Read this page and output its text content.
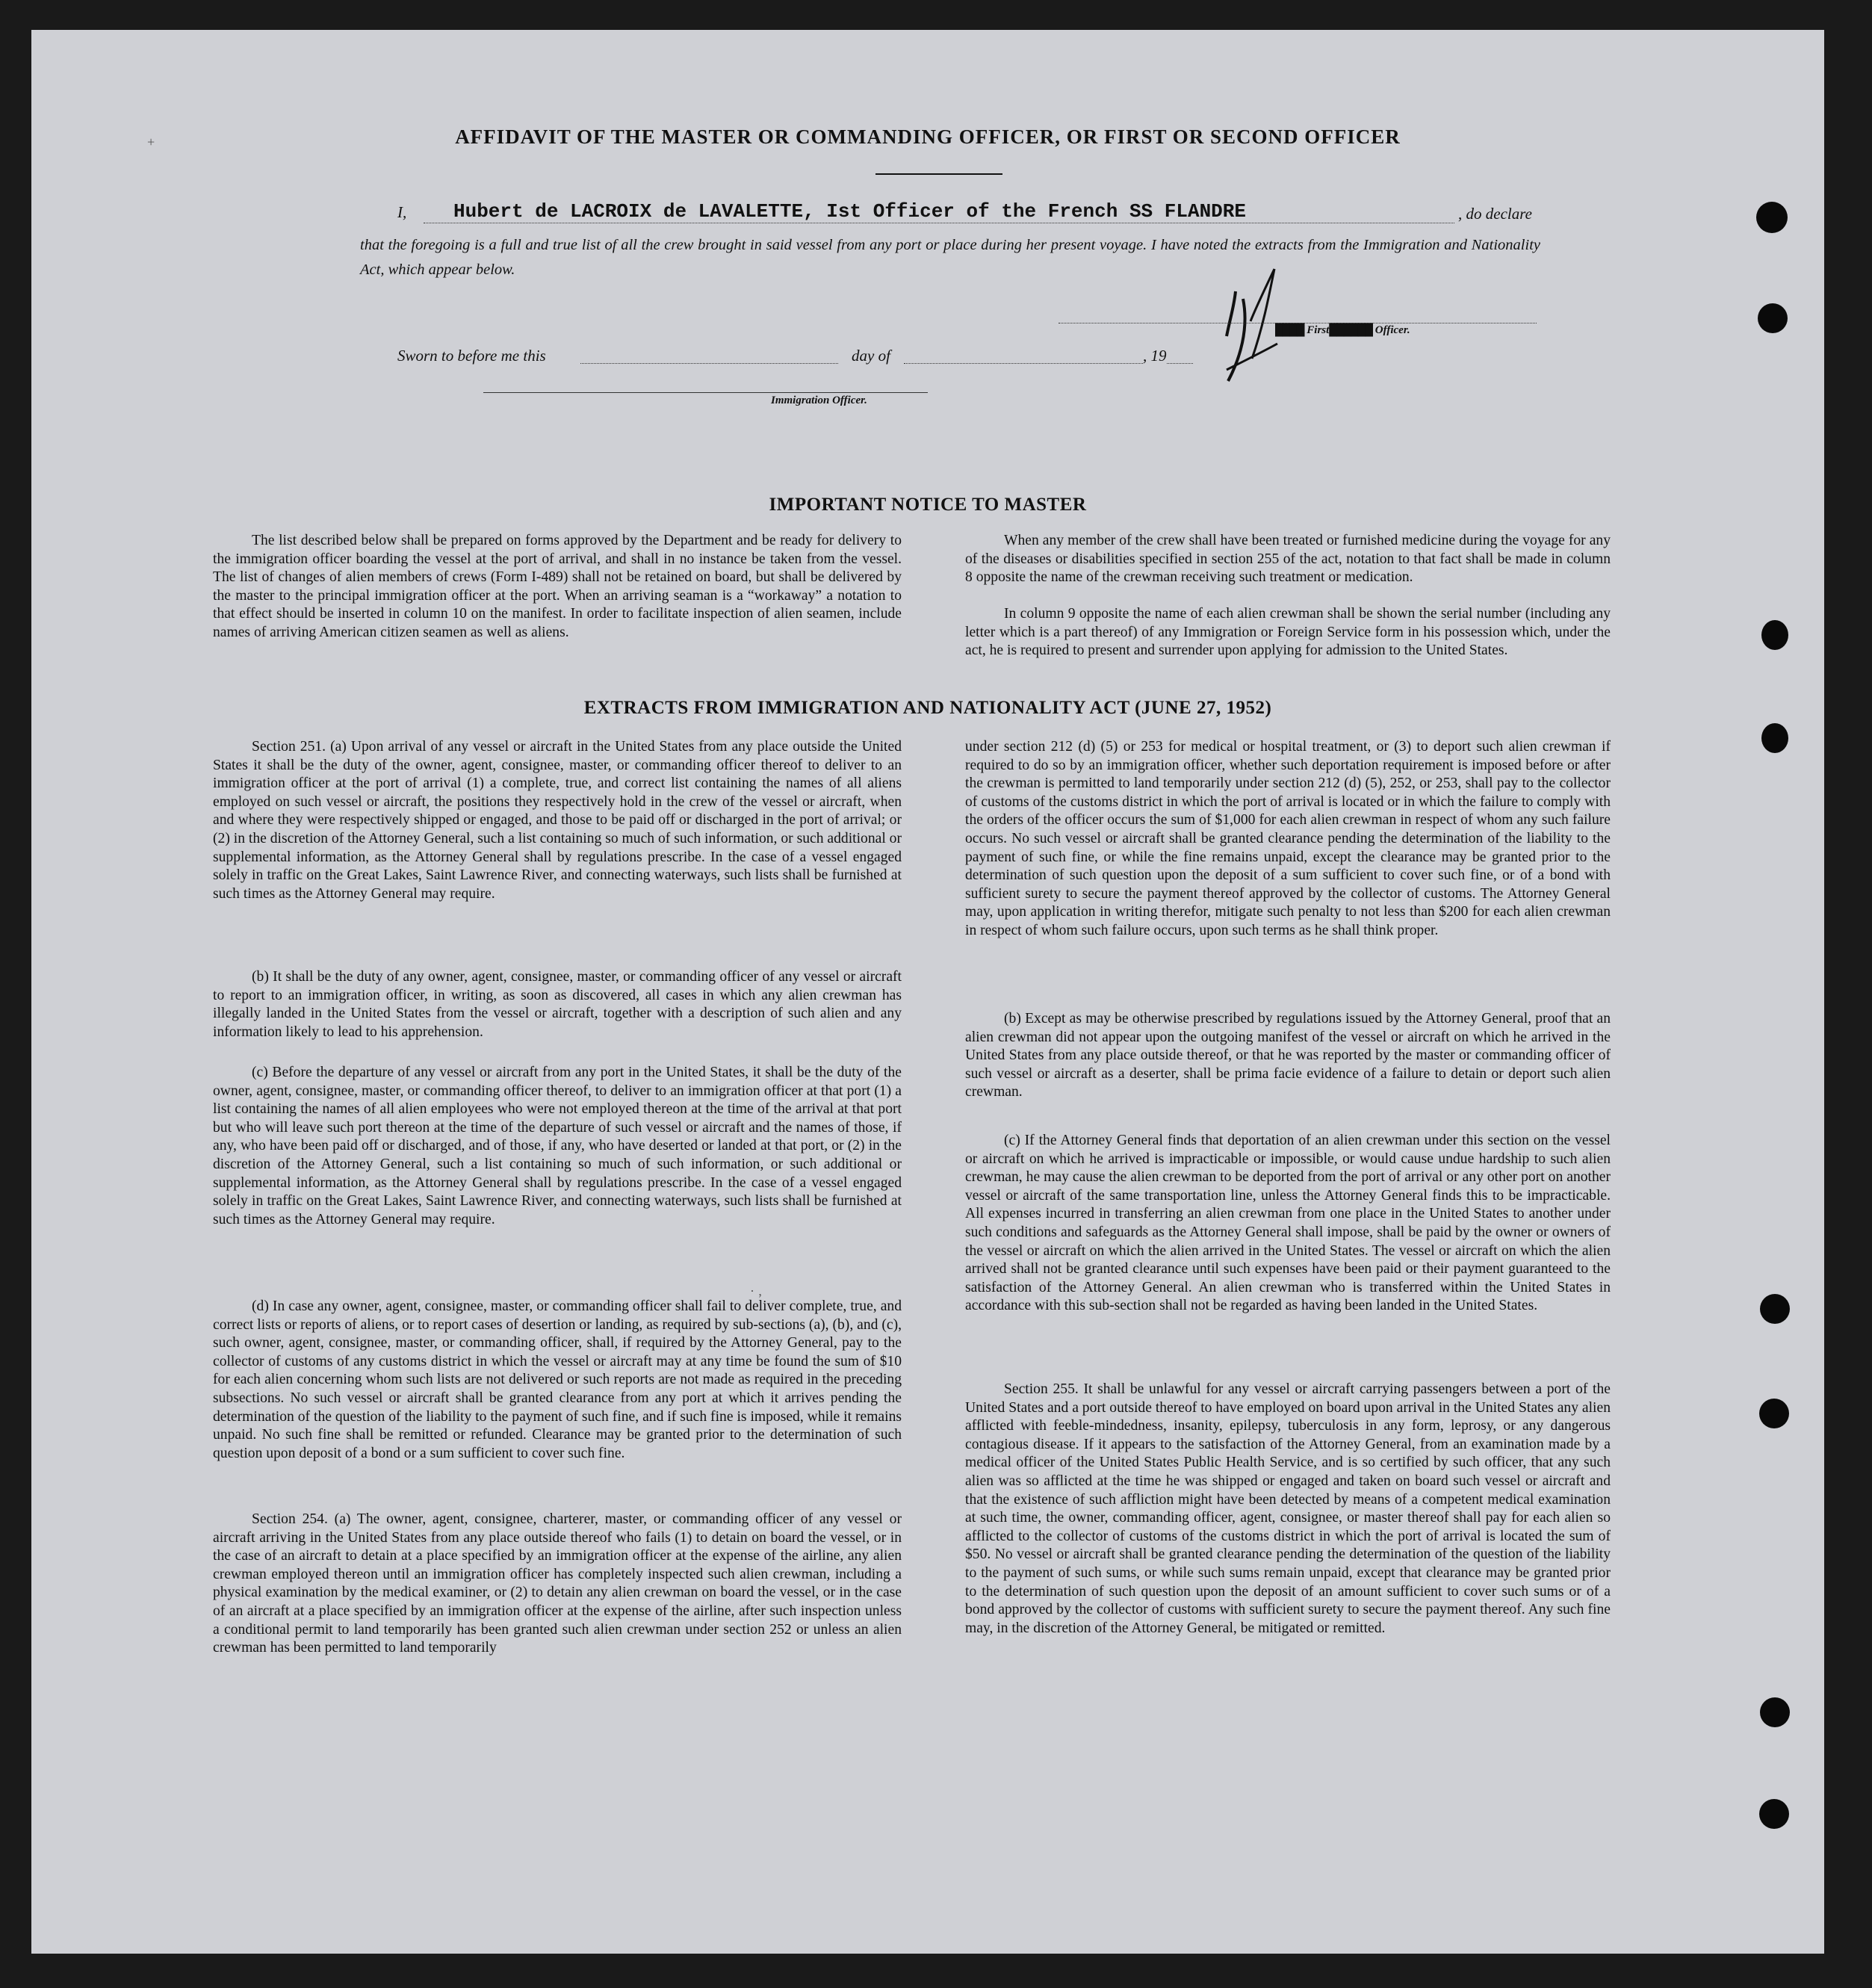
AFFIDAVIT OF THE MASTER OR COMMANDING OFFICER, OR FIRST OR SECOND OFFICER
I, Hubert de LACROIX de LAVALETTE, Ist Officer of the French SS FLANDRE	, do declare
that the foregoing is a full and true list of all the crew brought in said vessel from any port or place during her present voyage. I have noted the extracts from the Immigration and Nationality Act, which appear below.
████ First██████ Officer.
Sworn to before me this	day of	, 19
Immigration Officer.
IMPORTANT NOTICE TO MASTER
The list described below shall be prepared on forms approved by the Department and be ready for delivery to the immigration officer boarding the vessel at the port of arrival, and shall in no instance be taken from the vessel. The list of changes of alien members of crews (Form I-489) shall not be retained on board, but shall be delivered by the master to the principal immigration officer at the port. When an arriving seaman is a “workaway” a notation to that effect should be inserted in column 10 on the manifest. In order to facilitate inspection of alien seamen, include names of arriving American citizen seamen as well as aliens.
When any member of the crew shall have been treated or furnished medicine during the voyage for any of the diseases or disabilities specified in section 255 of the act, notation to that fact shall be made in column 8 opposite the name of the crewman receiving such treatment or medication.
In column 9 opposite the name of each alien crewman shall be shown the serial number (including any letter which is a part thereof) of any Immigration or Foreign Service form in his possession which, under the act, he is required to present and surrender upon applying for admission to the United States.
EXTRACTS FROM IMMIGRATION AND NATIONALITY ACT (JUNE 27, 1952)
Section 251. (a) Upon arrival of any vessel or aircraft in the United States from any place outside the United States it shall be the duty of the owner, agent, consignee, master, or commanding officer thereof to deliver to an immigration officer at the port of arrival (1) a complete, true, and correct list containing the names of all aliens employed on such vessel or aircraft, the positions they respectively hold in the crew of the vessel or aircraft, when and where they were respectively shipped or engaged, and those to be paid off or discharged in the port of arrival; or (2) in the discretion of the Attorney General, such a list containing so much of such information, or such additional or supplemental information, as the Attorney General shall by regulations prescribe. In the case of a vessel engaged solely in traffic on the Great Lakes, Saint Lawrence River, and connecting waterways, such lists shall be furnished at such times as the Attorney General may require.
(b) It shall be the duty of any owner, agent, consignee, master, or commanding officer of any vessel or aircraft to report to an immigration officer, in writing, as soon as discovered, all cases in which any alien crewman has illegally landed in the United States from the vessel or aircraft, together with a description of such alien and any information likely to lead to his apprehension.
(c) Before the departure of any vessel or aircraft from any port in the United States, it shall be the duty of the owner, agent, consignee, master, or commanding officer thereof, to deliver to an immigration officer at that port (1) a list containing the names of all alien employees who were not employed thereon at the time of the arrival at that port but who will leave such port thereon at the time of the departure of such vessel or aircraft and the names of those, if any, who have been paid off or discharged, and of those, if any, who have deserted or landed at that port, or (2) in the discretion of the Attorney General, such a list containing so much of such information, or such additional or supplemental information, as the Attorney General shall by regulations prescribe. In the case of a vessel engaged solely in traffic on the Great Lakes, Saint Lawrence River, and connecting waterways, such lists shall be furnished at such times as the Attorney General may require.
(d) In case any owner, agent, consignee, master, or commanding officer shall fail to deliver complete, true, and correct lists or reports of aliens, or to report cases of desertion or landing, as required by sub-sections (a), (b), and (c), such owner, agent, consignee, master, or commanding officer, shall, if required by the Attorney General, pay to the collector of customs of any customs district in which the vessel or aircraft may at any time be found the sum of $10 for each alien concerning whom such lists are not delivered or such reports are not made as required in the preceding subsections. No such vessel or aircraft shall be granted clearance from any port at which it arrives pending the determination of the question of the liability to the payment of such fine, and if such fine is imposed, while it remains unpaid. No such fine shall be remitted or refunded. Clearance may be granted prior to the determination of such question upon deposit of a bond or a sum sufficient to cover such fine.
Section 254. (a) The owner, agent, consignee, charterer, master, or commanding officer of any vessel or aircraft arriving in the United States from any place outside thereof who fails (1) to detain on board the vessel, or in the case of an aircraft to detain at a place specified by an immigration officer at the expense of the airline, any alien crewman employed thereon until an immigration officer has completely inspected such alien crewman, including a physical examination by the medical examiner, or (2) to detain any alien crewman on board the vessel, or in the case of an aircraft at a place specified by an immigration officer at the expense of the airline, after such inspection unless a conditional permit to land temporarily has been granted such alien crewman under section 252 or unless an alien crewman has been permitted to land temporarily
under section 212 (d) (5) or 253 for medical or hospital treatment, or (3) to deport such alien crewman if required to do so by an immigration officer, whether such deportation requirement is imposed before or after the crewman is permitted to land temporarily under section 212 (d) (5), 252, or 253, shall pay to the collector of customs of the customs district in which the port of arrival is located or in which the failure to comply with the orders of the officer occurs the sum of $1,000 for each alien crewman in respect of whom any such failure occurs. No such vessel or aircraft shall be granted clearance pending the determination of the liability to the payment of such fine, or while the fine remains unpaid, except the clearance may be granted prior to the determination of such question upon the deposit of a sum sufficient to cover such fine, or of a bond with sufficient surety to secure the payment thereof approved by the collector of customs. The Attorney General may, upon application in writing therefor, mitigate such penalty to not less than $200 for each alien crewman in respect of whom such failure occurs, upon such terms as he shall think proper.
(b) Except as may be otherwise prescribed by regulations issued by the Attorney General, proof that an alien crewman did not appear upon the outgoing manifest of the vessel or aircraft on which he arrived in the United States from any place outside thereof, or that he was reported by the master or commanding officer of such vessel or aircraft as a deserter, shall be prima facie evidence of a failure to detain or deport such alien crewman.
(c) If the Attorney General finds that deportation of an alien crewman under this section on the vessel or aircraft on which he arrived is impracticable or impossible, or would cause undue hardship to such alien crewman, he may cause the alien crewman to be deported from the port of arrival or any other port on another vessel or aircraft of the same transportation line, unless the Attorney General finds this to be impracticable. All expenses incurred in transferring an alien crewman from one place in the United States to another under such conditions and safeguards as the Attorney General shall impose, shall be paid by the owner or owners of the vessel or aircraft on which the alien arrived in the United States. The vessel or aircraft on which the alien arrived shall not be granted clearance until such expenses have been paid or their payment guaranteed to the satisfaction of the Attorney General. An alien crewman who is transferred within the United States in accordance with this sub-section shall not be regarded as having been landed in the United States.
Section 255. It shall be unlawful for any vessel or aircraft carrying passengers between a port of the United States and a port outside thereof to have employed on board upon arrival in the United States any alien afflicted with feeble-mindedness, insanity, epilepsy, tuberculosis in any form, leprosy, or any dangerous contagious disease. If it appears to the satisfaction of the Attorney General, from an examination made by a medical officer of the United States Public Health Service, and is so certified by such officer, that any such alien was so afflicted at the time he was shipped or engaged and taken on board such vessel or aircraft and that the existence of such affliction might have been detected by means of a competent medical examination at such time, the owner, commanding officer, agent, consignee, or master thereof shall pay for each alien so afflicted to the collector of customs of the customs district in which the port of arrival is located the sum of $50. No vessel or aircraft shall be granted clearance pending the determination of the question of the liability to the payment of such sums, or while such sums remain unpaid, except that clearance may be granted prior to the determination of such question upon the deposit of an amount sufficient to cover such sums or of a bond approved by the collector of customs with sufficient surety to secure the payment thereof. Any such fine may, in the discretion of the Attorney General, be mitigated or remitted.
+
· ‚
